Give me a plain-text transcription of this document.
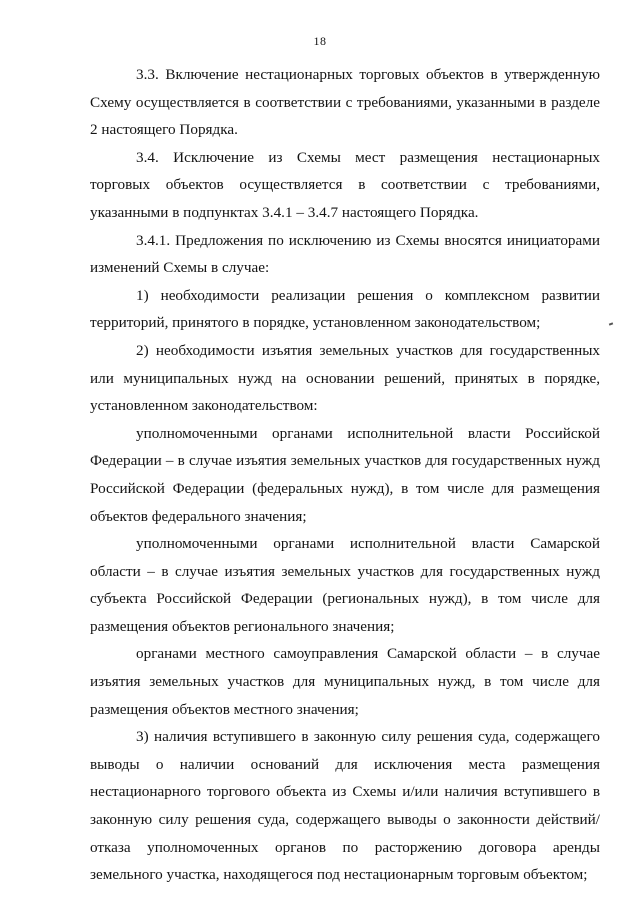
18

3.3. Включение нестационарных торговых объектов в утвержденную Схему осуществляется в соответствии с требованиями, указанными в разделе 2 настоящего Порядка.

3.4. Исключение из Схемы мест размещения нестационарных торговых объектов осуществляется в соответствии с требованиями, указанными в подпунктах 3.4.1 – 3.4.7 настоящего Порядка.

3.4.1. Предложения по исключению из Схемы вносятся инициаторами изменений Схемы в случае:

1) необходимости реализации решения о комплексном развитии территорий, принятого в порядке, установленном законодательством;

2) необходимости изъятия земельных участков для государственных или муниципальных нужд на основании решений, принятых в порядке, установленном законодательством:

уполномоченными органами исполнительной власти Российской Федерации – в случае изъятия земельных участков для государственных нужд Российской Федерации (федеральных нужд), в том числе для размещения объектов федерального значения;

уполномоченными органами исполнительной власти Самарской области – в случае изъятия земельных участков для государственных нужд субъекта Российской Федерации (региональных нужд), в том числе для размещения объектов регионального значения;

органами местного самоуправления Самарской области – в случае изъятия земельных участков для муниципальных нужд, в том числе для размещения объектов местного значения;

3) наличия вступившего в законную силу решения суда, содержащего выводы о наличии оснований для исключения места размещения нестационарного торгового объекта из Схемы и/или наличия вступившего в законную силу решения суда, содержащего выводы о законности действий/отказа уполномоченных органов по расторжению договора аренды земельного участка, находящегося под нестационарным торговым объектом;
